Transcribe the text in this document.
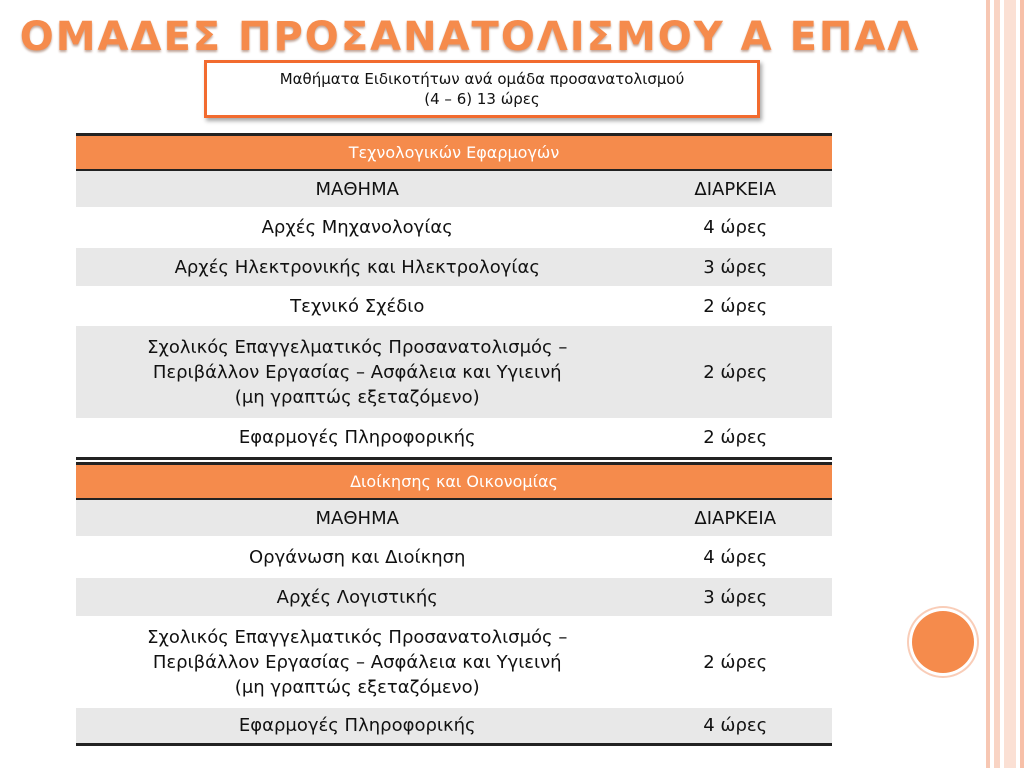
ΟΜΑΔΕΣ ΠΡΟΣΑΝΑΤΟΛΙΣΜΟΥ Α ΕΠΑΛ
Μαθήματα Ειδικοτήτων ανά ομάδα προσανατολισμού
(4 – 6) 13 ώρες
Τεχνολογικών Εφαρμογών	
ΜΑΘΗΜΑ	ΔΙΑΡΚΕΙΑ
Αρχές Μηχανολογίας	4 ώρες
Αρχές Ηλεκτρονικής και Ηλεκτρολογίας	3 ώρες
Τεχνικό Σχέδιο	2 ώρες

Σχολικός Επαγγελματικός Προσανατολισμός –
Περιβάλλον Εργασίας – Ασφάλεια και Υγιεινή
(μη γραπτώς εξεταζόμενο)	2 ώρες
Εφαρμογές Πληροφορικής	2 ώρες
Διοίκησης και Οικονομίας	
ΜΑΘΗΜΑ	ΔΙΑΡΚΕΙΑ
Οργάνωση και Διοίκηση	4 ώρες
Αρχές Λογιστικής	3 ώρες

Σχολικός Επαγγελματικός Προσανατολισμός –
Περιβάλλον Εργασίας – Ασφάλεια και Υγιεινή
(μη γραπτώς εξεταζόμενο)	2 ώρες
Εφαρμογές Πληροφορικής	4 ώρες
